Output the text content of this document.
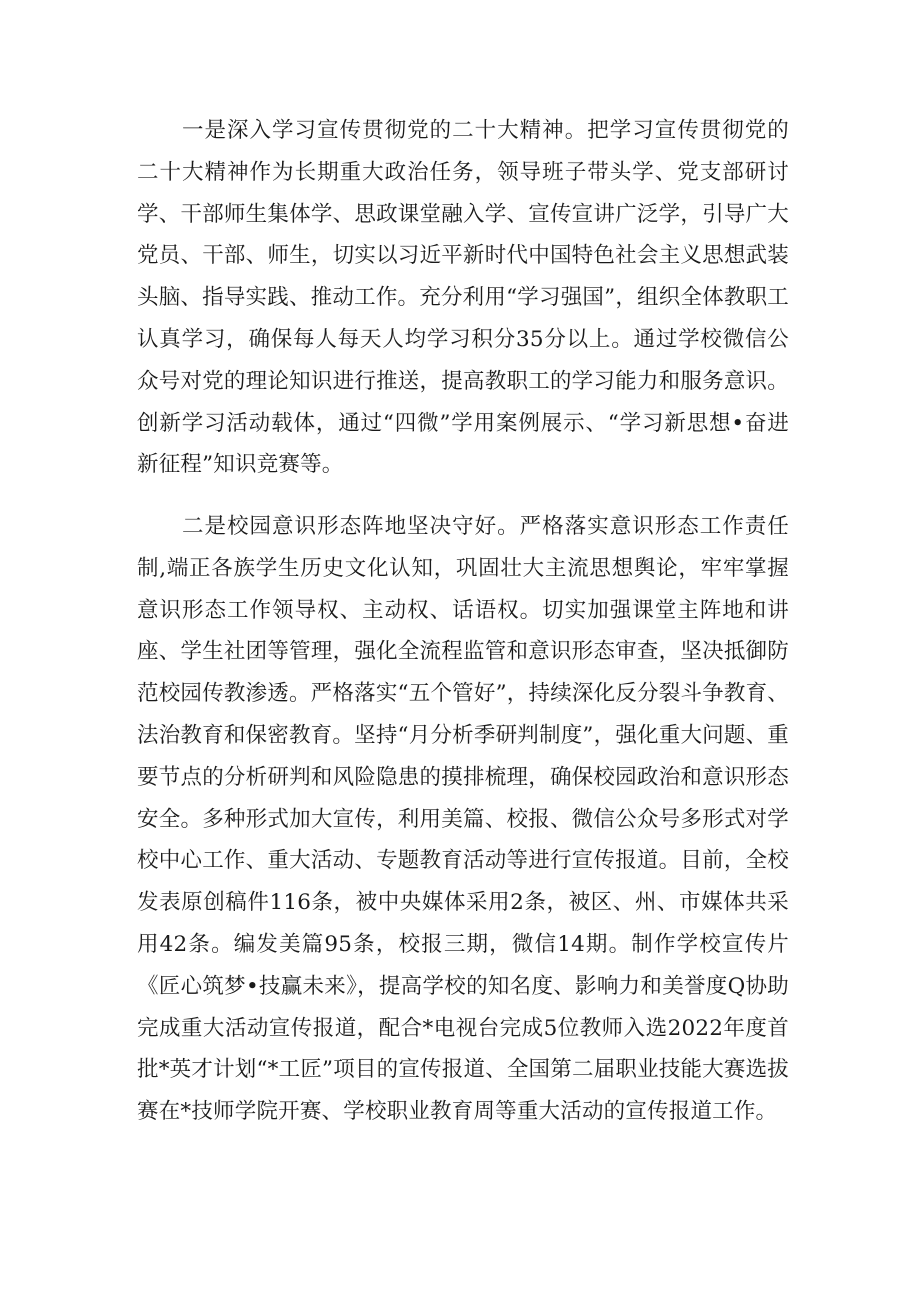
一是深入学习宣传贯彻党的二十大精神。把学习宣传贯彻党的二十大精神作为长期重大政治任务，领导班子带头学、党支部研讨学、干部师生集体学、思政课堂融入学、宣传宣讲广泛学，引导广大党员、干部、师生，切实以习近平新时代中国特色社会主义思想武装头脑、指导实践、推动工作。充分利用“学习强国”，组织全体教职工认真学习，确保每人每天人均学习积分35分以上。通过学校微信公众号对党的理论知识进行推送，提高教职工的学习能力和服务意识。创新学习活动载体，通过“四微”学用案例展示、“学习新思想•奋进新征程”知识竞赛等。

二是校园意识形态阵地坚决守好。严格落实意识形态工作责任制,端正各族学生历史文化认知，巩固壮大主流思想舆论，牢牢掌握意识形态工作领导权、主动权、话语权。切实加强课堂主阵地和讲座、学生社团等管理，强化全流程监管和意识形态审查，坚决抵御防范校园传教渗透。严格落实“五个管好”，持续深化反分裂斗争教育、法治教育和保密教育。坚持“月分析季研判制度”，强化重大问题、重要节点的分析研判和风险隐患的摸排梳理，确保校园政治和意识形态安全。多种形式加大宣传，利用美篇、校报、微信公众号多形式对学校中心工作、重大活动、专题教育活动等进行宣传报道。目前，全校发表原创稿件116条，被中央媒体采用2条，被区、州、市媒体共采用42条。编发美篇95条，校报三期，微信14期。制作学校宣传片《匠心筑梦•技赢未来》，提高学校的知名度、影响力和美誉度Q协助完成重大活动宣传报道，配合*电视台完成5位教师入选2022年度首批*英才计划“*工匠”项目的宣传报道、全国第二届职业技能大赛选拔赛在*技师学院开赛、学校职业教育周等重大活动的宣传报道工作。
